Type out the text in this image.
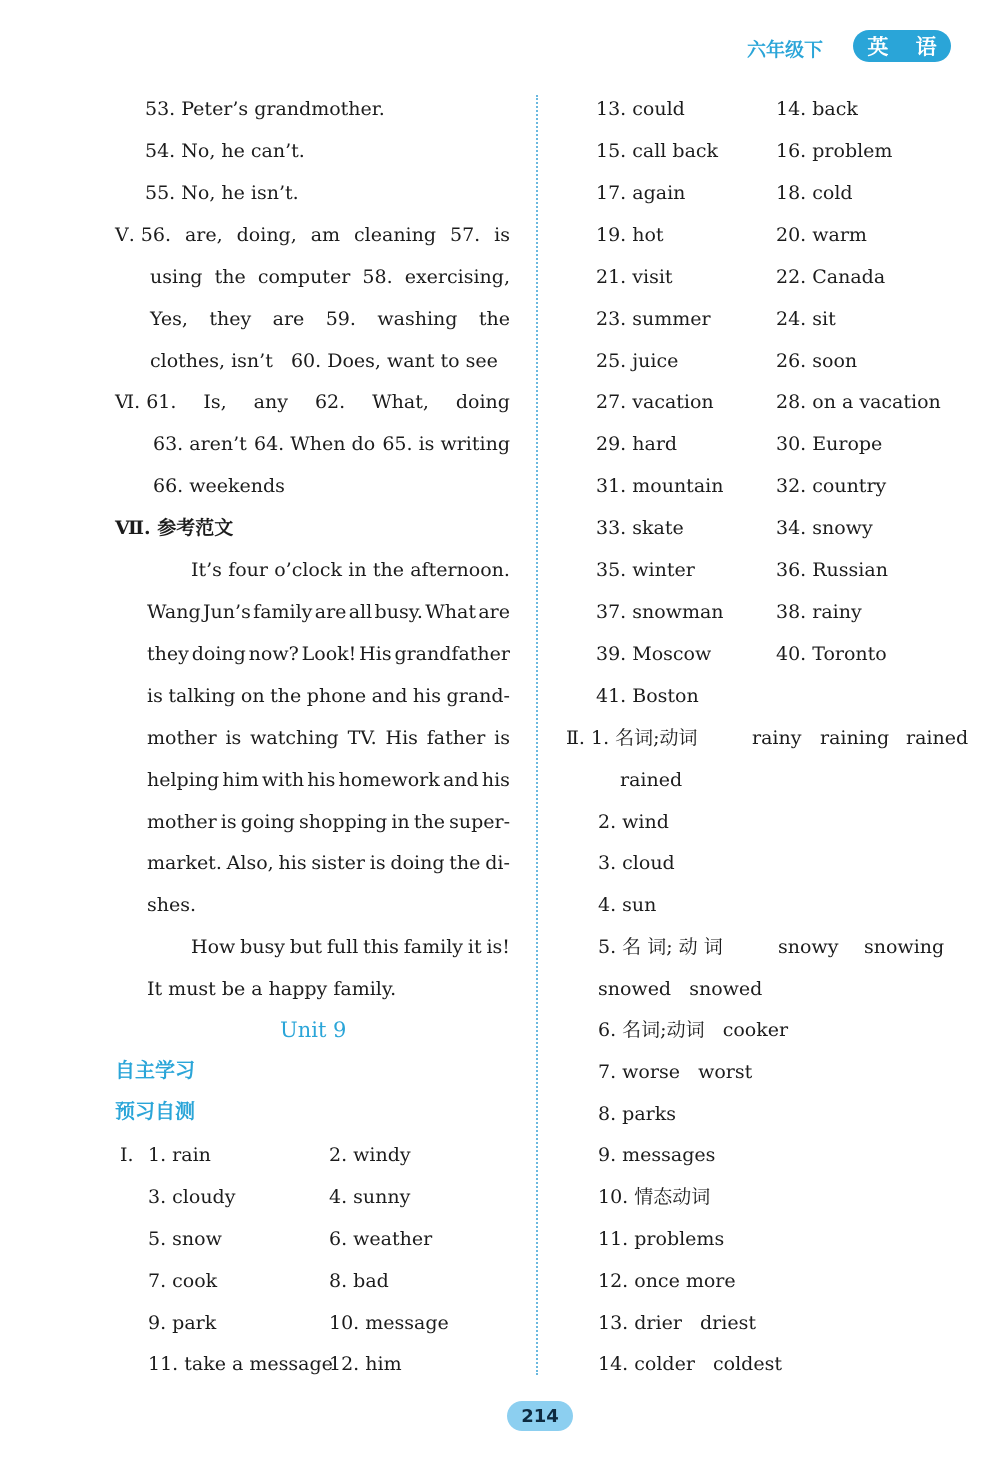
六年级下	英 语
53. Peter’s grandmother.
54. No, he can’t.
55. No, he isn’t.
Ⅴ. 56. are, doing, am cleaning 57. is
using the computer 58. exercising,
Yes, they are 59. washing the
clothes, isn’t   60. Does, want to see
Ⅵ. 61. Is, any 62. What, doing
63. aren’t 64. When do 65. is writing
66. weekends
Ⅶ. 参考范文
It’s four o’clock in the afternoon.
Wang Jun’s family are all busy. What are
they doing now? Look! His grandfather
is talking on the phone and his grand-
mother is watching TV. His father is
helping him with his homework and his
mother is going shopping in the super-
market. Also, his sister is doing the di-
shes.
How busy but full this family it is!
It must be a happy family.
Unit 9
自主学习
预习自测
Ⅰ. 1. rain	2. windy
3. cloudy	4. sunny
5. snow	6. weather
7. cook	8. bad
9. park	10. message
11. take a message
12. him
13. could	14. back
15. call back	16. problem
17. again	18. cold
19. hot	20. warm
21. visit	22. Canada
23. summer	24. sit
25. juice	26. soon
27. vacation	28. on a vacation
29. hard	30. Europe
31. mountain	32. country
33. skate	34. snowy
35. winter	36. Russian
37. snowman	38. rainy
39. Moscow	40. Toronto
41. Boston
Ⅱ. 1. 名词;动词	rainy raining rained
rained
2. wind
3. cloud
4. sun
5. 名 词; 动 词	snowy snowing
snowed   snowed
6. 名词;动词   cooker
7. worse   worst
8. parks
9. messages
10. 情态动词
11. problems
12. once more
13. drier   driest
14. colder   coldest
214
